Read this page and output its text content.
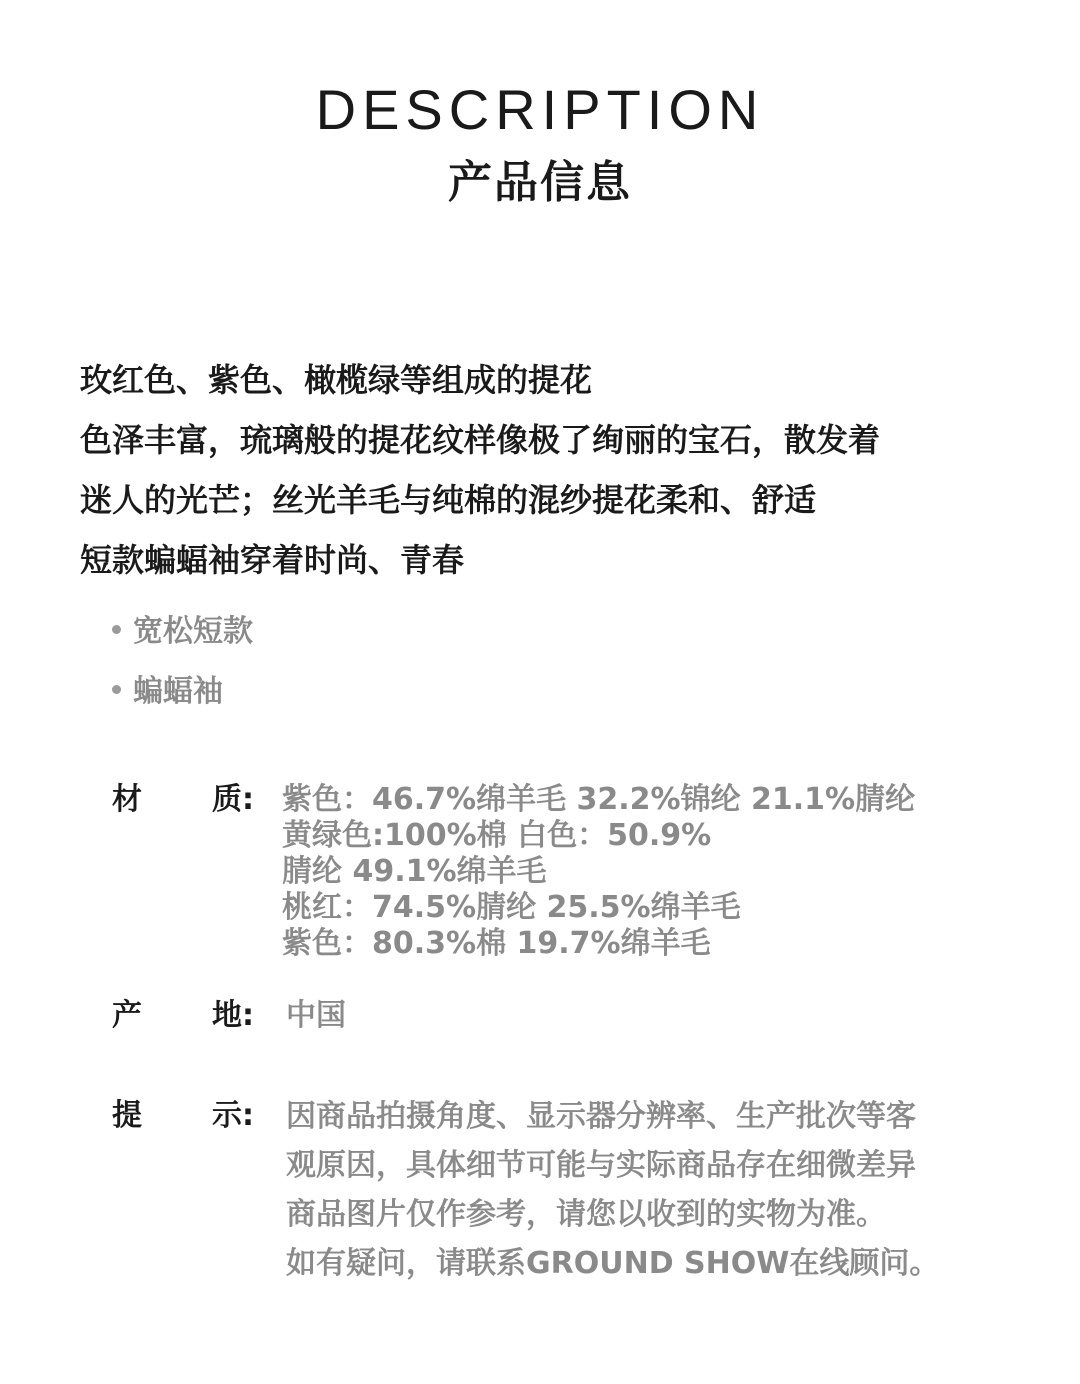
DESCRIPTION
产品信息
玫红色、紫色、橄榄绿等组成的提花
色泽丰富，琉璃般的提花纹样像极了绚丽的宝石，散发着
迷人的光芒；丝光羊毛与纯棉的混纱提花柔和、舒适
短款蝙蝠袖穿着时尚、青春
宽松短款
蝙蝠袖
材 质: 紫色：46.7%绵羊毛 32.2%锦纶 21.1%腈纶
黄绿色:100%棉 白色：50.9%
腈纶 49.1%绵羊毛
桃红：74.5%腈纶 25.5%绵羊毛
紫色：80.3%棉 19.7%绵羊毛
产 地: 中国
提 示: 因商品拍摄角度、显示器分辨率、生产批次等客
观原因，具体细节可能与实际商品存在细微差异
商品图片仅作参考，请您以收到的实物为准。
如有疑问，请联系GROUND SHOW在线顾问。
